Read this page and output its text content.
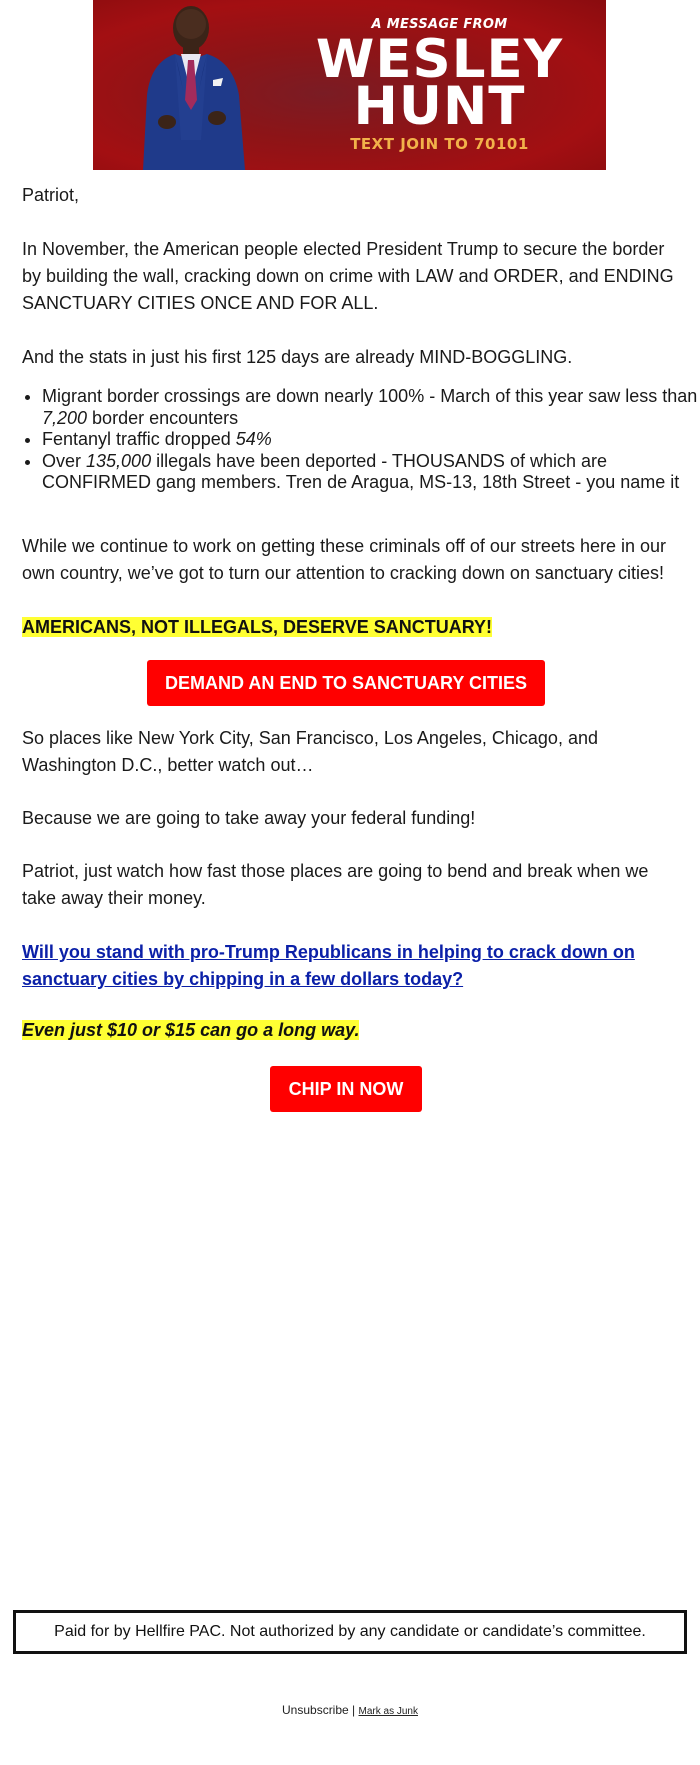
A MESSAGE FROM
WESLEY
HUNT
TEXT JOIN TO 70101

Patriot,

In November, the American people elected President Trump to secure the border by building the wall, cracking down on crime with LAW and ORDER, and ENDING SANCTUARY CITIES ONCE AND FOR ALL.

And the stats in just his first 125 days are already MIND-BOGGLING.

• Migrant border crossings are down nearly 100% - March of this year saw less than 7,200 border encounters
• Fentanyl traffic dropped 54%
• Over 135,000 illegals have been deported - THOUSANDS of which are CONFIRMED gang members. Tren de Aragua, MS-13, 18th Street - you name it

While we continue to work on getting these criminals off of our streets here in our own country, we’ve got to turn our attention to cracking down on sanctuary cities!

AMERICANS, NOT ILLEGALS, DESERVE SANCTUARY!

DEMAND AN END TO SANCTUARY CITIES

So places like New York City, San Francisco, Los Angeles, Chicago, and Washington D.C., better watch out…

Because we are going to take away your federal funding!

Patriot, just watch how fast those places are going to bend and break when we take away their money.

Will you stand with pro-Trump Republicans in helping to crack down on sanctuary cities by chipping in a few dollars today?

Even just $10 or $15 can go a long way.

CHIP IN NOW
Paid for by Hellfire PAC. Not authorized by any candidate or candidate’s committee.
Unsubscribe | Mark as Junk
